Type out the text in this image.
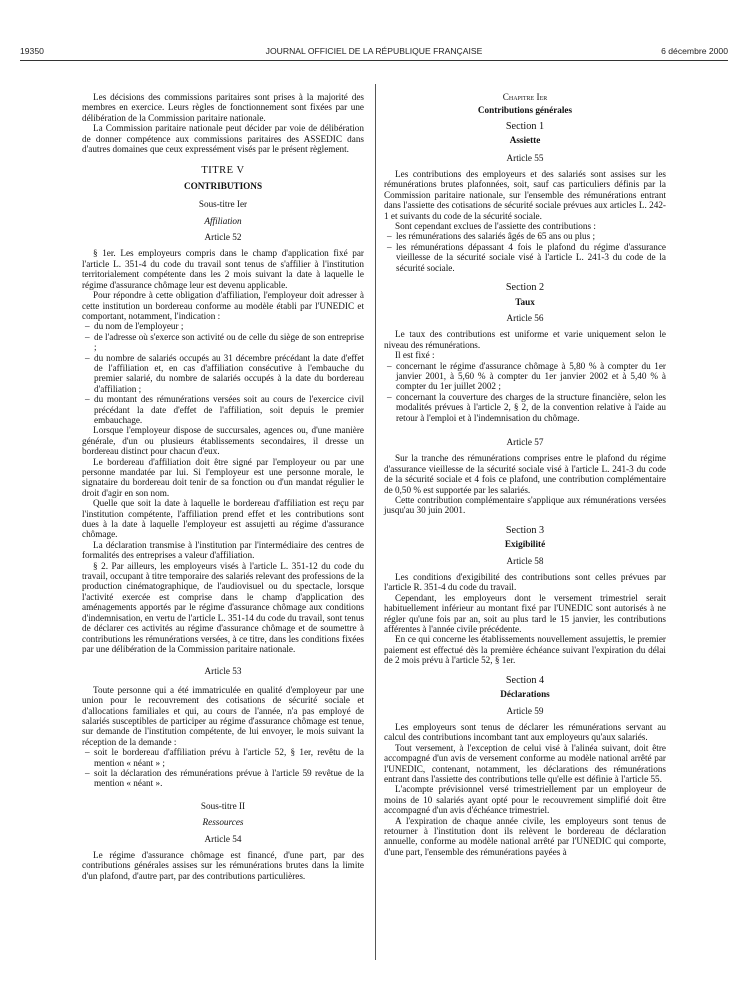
19350	JOURNAL OFFICIEL DE LA RÉPUBLIQUE FRANÇAISE	6 décembre 2000

Les décisions des commissions paritaires sont prises à la majorité des membres en exercice. Leurs règles de fonctionnement sont fixées par une délibération de la Commission paritaire nationale.

La Commission paritaire nationale peut décider par voie de délibération de donner compétence aux commissions paritaires des ASSEDIC dans d'autres domaines que ceux expressément visés par le présent règlement.

TITRE V
CONTRIBUTIONS
Sous-titre Ier
Affiliation
Article 52

§ 1er. Les employeurs compris dans le champ d'application fixé par l'article L. 351-4 du code du travail sont tenus de s'affilier à l'institution territorialement compétente dans les 2 mois suivant la date à laquelle le régime d'assurance chômage leur est devenu applicable.

Pour répondre à cette obligation d'affiliation, l'employeur doit adresser à cette institution un bordereau conforme au modèle établi par l'UNEDIC et comportant, notamment, l'indication :

– du nom de l'employeur ;
– de l'adresse où s'exerce son activité ou de celle du siège de son entreprise ;
– du nombre de salariés occupés au 31 décembre précédant la date d'effet de l'affiliation et, en cas d'affiliation consécutive à l'embauche du premier salarié, du nombre de salariés occupés à la date du bordereau d'affiliation ;
– du montant des rémunérations versées soit au cours de l'exercice civil précédant la date d'effet de l'affiliation, soit depuis le premier embauchage.

Lorsque l'employeur dispose de succursales, agences ou, d'une manière générale, d'un ou plusieurs établissements secondaires, il dresse un bordereau distinct pour chacun d'eux.

Le bordereau d'affiliation doit être signé par l'employeur ou par une personne mandatée par lui. Si l'employeur est une personne morale, le signataire du bordereau doit tenir de sa fonction ou d'un mandat régulier le droit d'agir en son nom.

Quelle que soit la date à laquelle le bordereau d'affiliation est reçu par l'institution compétente, l'affiliation prend effet et les contributions sont dues à la date à laquelle l'employeur est assujetti au régime d'assurance chômage.

La déclaration transmise à l'institution par l'intermédiaire des centres de formalités des entreprises a valeur d'affiliation.

§ 2. Par ailleurs, les employeurs visés à l'article L. 351-12 du code du travail, occupant à titre temporaire des salariés relevant des professions de la production cinématographique, de l'audiovisuel ou du spectacle, lorsque l'activité exercée est comprise dans le champ d'application des aménagements apportés par le régime d'assurance chômage aux conditions d'indemnisation, en vertu de l'article L. 351-14 du code du travail, sont tenus de déclarer ces activités au régime d'assurance chômage et de soumettre à contributions les rémunérations versées, à ce titre, dans les conditions fixées par une délibération de la Commission paritaire nationale.

Article 53

Toute personne qui a été immatriculée en qualité d'employeur par une union pour le recouvrement des cotisations de sécurité sociale et d'allocations familiales et qui, au cours de l'année, n'a pas employé de salariés susceptibles de participer au régime d'assurance chômage est tenue, sur demande de l'institution compétente, de lui envoyer, le mois suivant la réception de la demande :

– soit le bordereau d'affiliation prévu à l'article 52, § 1er, revêtu de la mention « néant » ;
– soit la déclaration des rémunérations prévue à l'article 59 revêtue de la mention « néant ».
Sous-titre II
Ressources
Article 54

Le régime d'assurance chômage est financé, d'une part, par des contributions générales assises sur les rémunérations brutes dans la limite d'un plafond, d'autre part, par des contributions particulières.

Chapitre Ier
Contributions générales
Section 1
Assiette
Article 55

Les contributions des employeurs et des salariés sont assises sur les rémunérations brutes plafonnées, soit, sauf cas particuliers définis par la Commission paritaire nationale, sur l'ensemble des rémunérations entrant dans l'assiette des cotisations de sécurité sociale prévues aux articles L. 242-1 et suivants du code de la sécurité sociale.

Sont cependant exclues de l'assiette des contributions :

– les rémunérations des salariés âgés de 65 ans ou plus ;
– les rémunérations dépassant 4 fois le plafond du régime d'assurance vieillesse de la sécurité sociale visé à l'article L. 241-3 du code de la sécurité sociale.
Section 2
Taux
Article 56

Le taux des contributions est uniforme et varie uniquement selon le niveau des rémunérations.

Il est fixé :

– concernant le régime d'assurance chômage à 5,80 % à compter du 1er janvier 2001, à 5,60 % à compter du 1er janvier 2002 et à 5,40 % à compter du 1er juillet 2002 ;
– concernant la couverture des charges de la structure financière, selon les modalités prévues à l'article 2, § 2, de la convention relative à l'aide au retour à l'emploi et à l'indemnisation du chômage.
Article 57

Sur la tranche des rémunérations comprises entre le plafond du régime d'assurance vieillesse de la sécurité sociale visé à l'article L. 241-3 du code de la sécurité sociale et 4 fois ce plafond, une contribution complémentaire de 0,50 % est supportée par les salariés.

Cette contribution complémentaire s'applique aux rémunérations versées jusqu'au 30 juin 2001.

Section 3
Exigibilité
Article 58

Les conditions d'exigibilité des contributions sont celles prévues par l'article R. 351-4 du code du travail.

Cependant, les employeurs dont le versement trimestriel serait habituellement inférieur au montant fixé par l'UNEDIC sont autorisés à ne régler qu'une fois par an, soit au plus tard le 15 janvier, les contributions afférentes à l'année civile précédente.

En ce qui concerne les établissements nouvellement assujettis, le premier paiement est effectué dès la première échéance suivant l'expiration du délai de 2 mois prévu à l'article 52, § 1er.

Section 4
Déclarations
Article 59

Les employeurs sont tenus de déclarer les rémunérations servant au calcul des contributions incombant tant aux employeurs qu'aux salariés.

Tout versement, à l'exception de celui visé à l'alinéa suivant, doit être accompagné d'un avis de versement conforme au modèle national arrêté par l'UNEDIC, contenant, notamment, les déclarations des rémunérations entrant dans l'assiette des contributions telle qu'elle est définie à l'article 55.

L'acompte prévisionnel versé trimestriellement par un employeur de moins de 10 salariés ayant opté pour le recouvrement simplifié doit être accompagné d'un avis d'échéance trimestriel.

A l'expiration de chaque année civile, les employeurs sont tenus de retourner à l'institution dont ils relèvent le bordereau de déclaration annuelle, conforme au modèle national arrêté par l'UNEDIC qui comporte, d'une part, l'ensemble des rémunérations payées à
